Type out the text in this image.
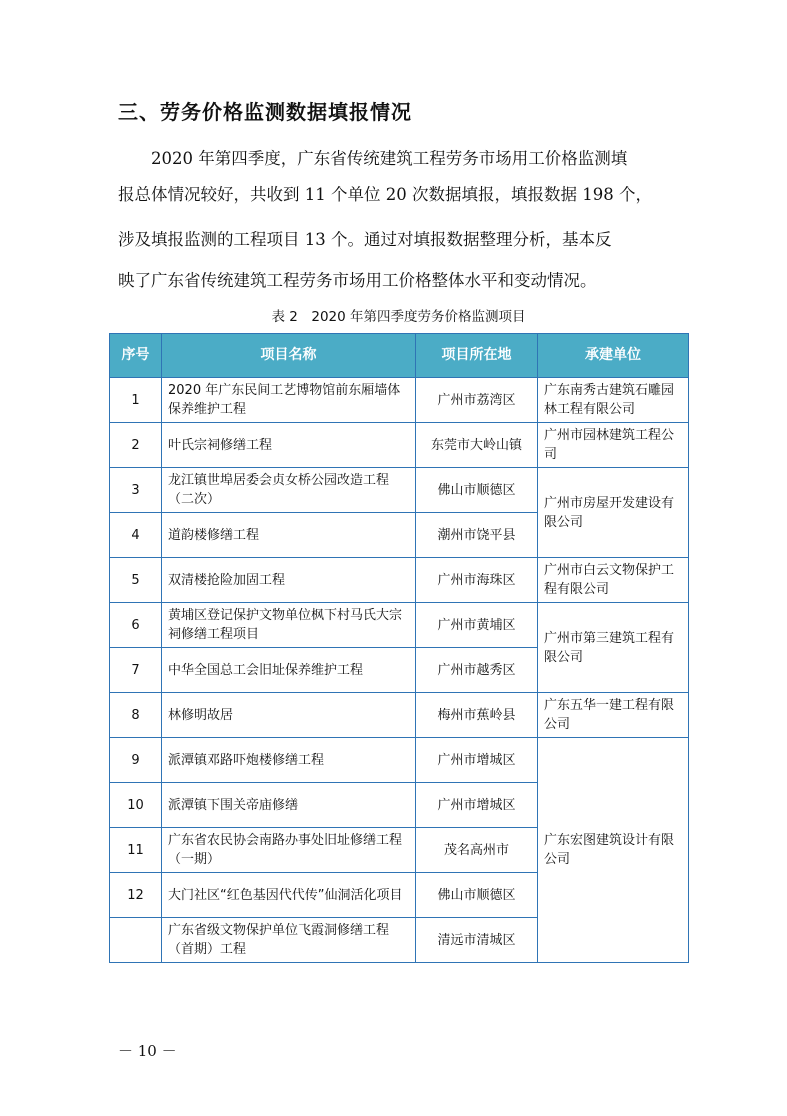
三、劳务价格监测数据填报情况
2020 年第四季度，广东省传统建筑工程劳务市场用工价格监测填
报总体情况较好，共收到 11 个单位 20 次数据填报，填报数据 198 个，
涉及填报监测的工程项目 13 个。通过对填报数据整理分析，基本反
映了广东省传统建筑工程劳务市场用工价格整体水平和变动情况。
表 2　2020 年第四季度劳务价格监测项目
序号	项目名称	项目所在地	承建单位
1	2020 年广东民间工艺博物馆前东厢墙体保养维护工程	广州市荔湾区	广东南秀古建筑石雕园林工程有限公司
2	叶氏宗祠修缮工程	东莞市大岭山镇	广州市园林建筑工程公司
3	龙江镇世埠居委会贞女桥公园改造工程（二次）	佛山市顺德区	广州市房屋开发建设有限公司
4	道韵楼修缮工程	潮州市饶平县	
5	双清楼抢险加固工程	广州市海珠区	广州市白云文物保护工程有限公司
6	黄埔区登记保护文物单位枫下村马氏大宗祠修缮工程项目	广州市黄埔区	广州市第三建筑工程有限公司
7	中华全国总工会旧址保养维护工程	广州市越秀区	
8	林修明故居	梅州市蕉岭县	广东五华一建工程有限公司
9	派潭镇邓路吓炮楼修缮工程	广州市增城区	广东宏图建筑设计有限公司
10	派潭镇下围关帝庙修缮	广州市增城区	
11	广东省农民协会南路办事处旧址修缮工程（一期）	茂名高州市	
12	大门社区“红色基因代代传”仙洞活化项目	佛山市顺德区	
	广东省级文物保护单位飞霞洞修缮工程（首期）工程	清远市清城区	
－ 10 －
